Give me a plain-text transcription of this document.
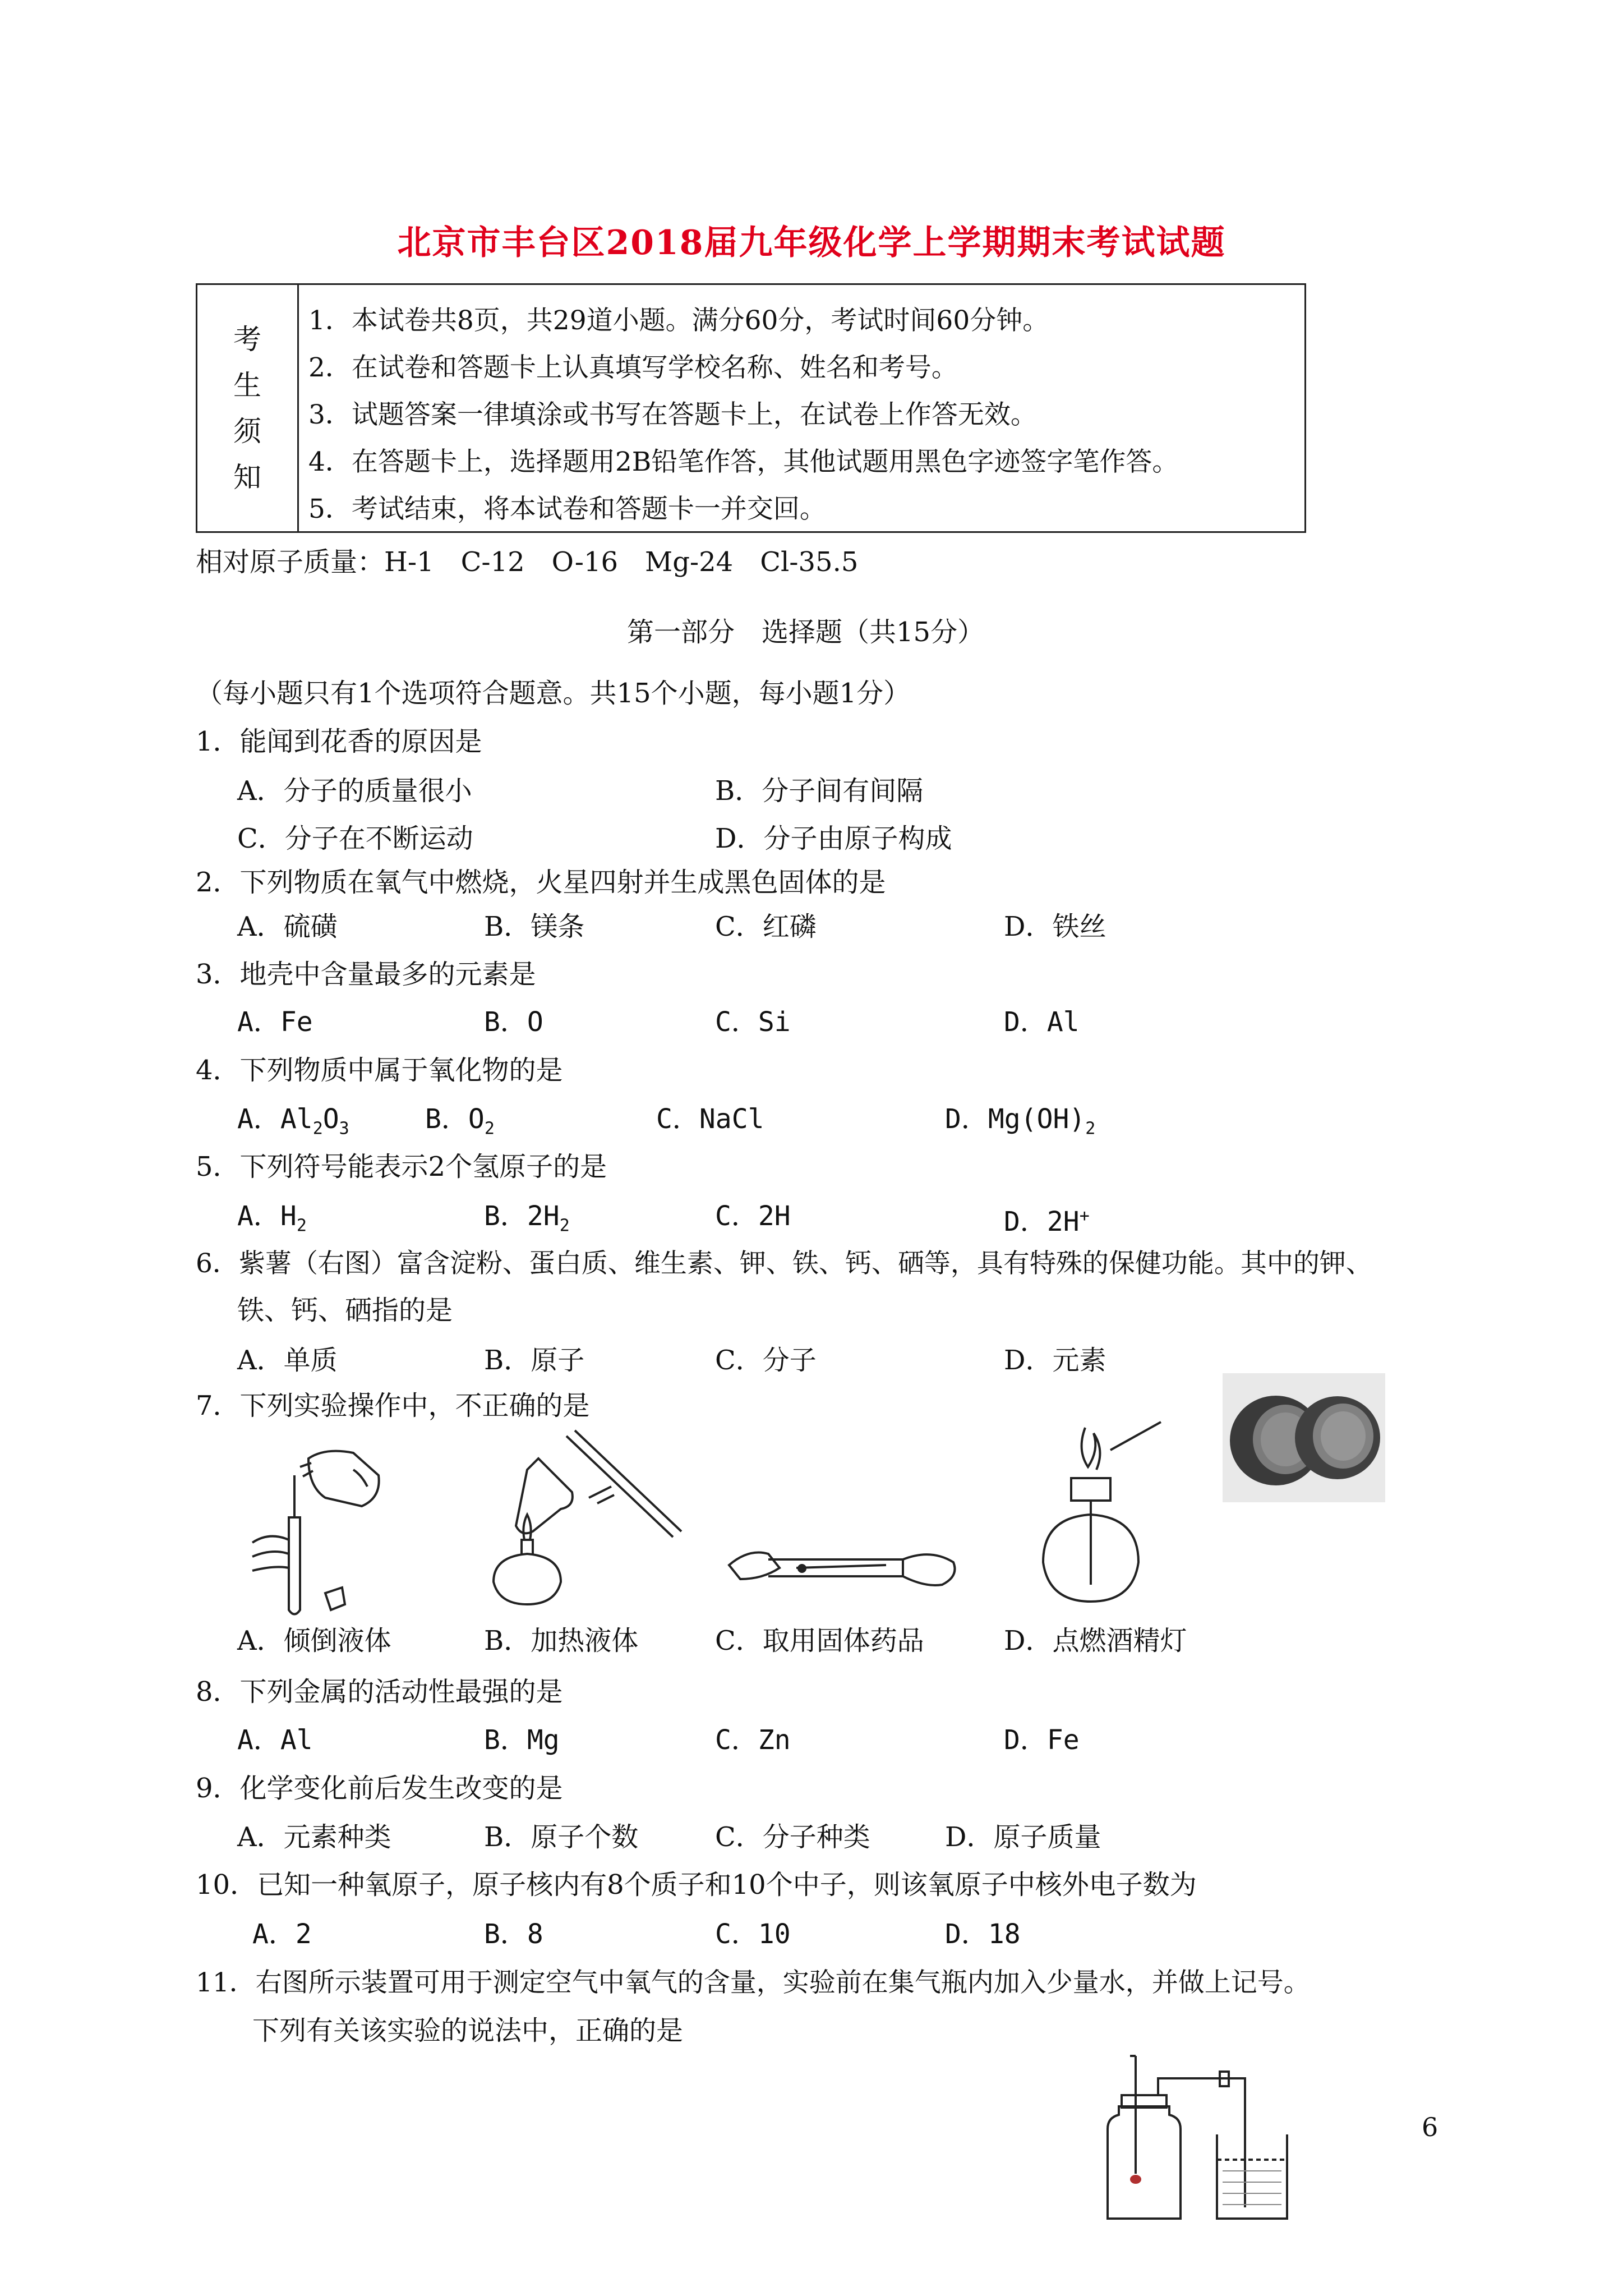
北京市丰台区2018届九年级化学上学期期末考试试题
考
生
须
知
1．本试卷共8页，共29道小题。满分60分，考试时间60分钟。
2．在试卷和答题卡上认真填写学校名称、姓名和考号。
3．试题答案一律填涂或书写在答题卡上，在试卷上作答无效。
4．在答题卡上，选择题用2B铅笔作答，其他试题用黑色字迹签字笔作答。
5．考试结束，将本试卷和答题卡一并交回。
相对原子质量：H-1　C-12　O-16　Mg-24　Cl-35.5
第一部分　选择题（共15分）
（每小题只有1个选项符合题意。共15个小题，每小题1分）
1．能闻到花香的原因是
A．分子的质量很小	B．分子间有间隔
C．分子在不断运动	D．分子由原子构成
2．下列物质在氧气中燃烧，火星四射并生成黑色固体的是
A．硫磺	B．镁条	C．红磷	D．铁丝
3．地壳中含量最多的元素是
A．Fe	B．O	C．Si	D．Al
4．下列物质中属于氧化物的是
A．$Al_2O_3$	B．$O_2$	C．NaCl	D．$Mg(OH)_2$
5．下列符号能表示2个氢原子的是
A．$H_2$	B．$2H_2$	C．2H	D．2H+
6．紫薯（右图）富含淀粉、蛋白质、维生素、钾、铁、钙、硒等，具有特殊的保健功能。其中的钾、
铁、钙、硒指的是
A．单质	B．原子	C．分子	D．元素
7．下列实验操作中，不正确的是
A．倾倒液体	B．加热液体	C．取用固体药品	D．点燃酒精灯
8．下列金属的活动性最强的是
A．Al	B．Mg	C．Zn	D．Fe
9．化学变化前后发生改变的是
A．元素种类	B．原子个数	C．分子种类	D．原子质量
10．已知一种氧原子，原子核内有8个质子和10个中子，则该氧原子中核外电子数为
A．2	B．8	C．10	D．18
11．右图所示装置可用于测定空气中氧气的含量，实验前在集气瓶内加入少量水，并做上记号。
下列有关该实验的说法中，正确的是
6
